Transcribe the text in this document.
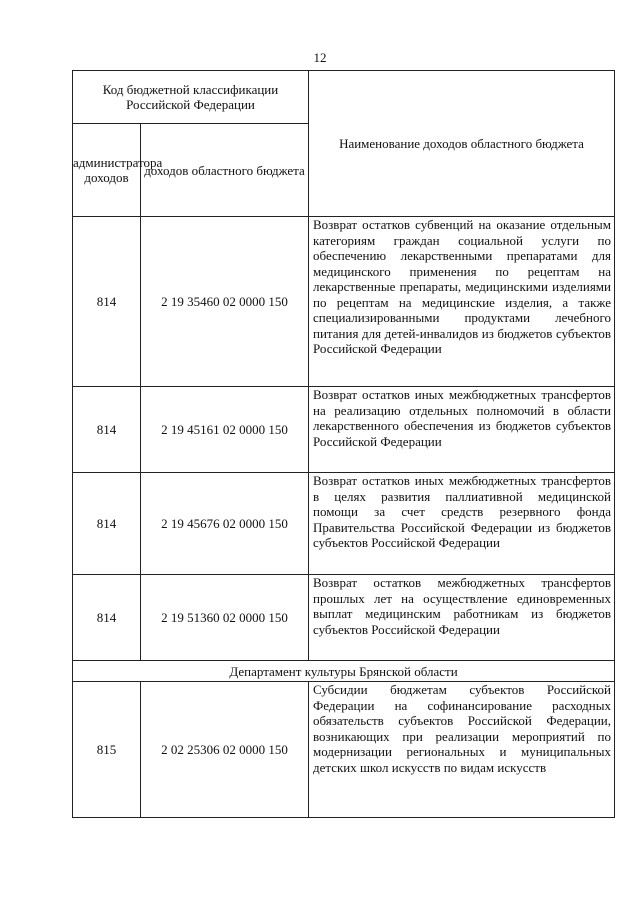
12
Код бюджетной классификации Российской Федерации		Наименование доходов областного бюджета
администратора доходов	доходов областного бюджета	
814	2 19 35460 02 0000 150	Возврат остатков субвенций на оказание отдельным категориям граждан социальной услуги по обеспечению лекарственными препаратами для медицинского применения по рецептам на лекарственные препараты, медицинскими изделиями по рецептам на медицинские изделия, а также специализированными продуктами лечебного питания для детей-инвалидов из бюджетов субъектов Российской Федерации
814	2 19 45161 02 0000 150	Возврат остатков иных межбюджетных трансфертов на реализацию отдельных полномочий в области лекарственного обеспечения из бюджетов субъектов Российской Федерации
814	2 19 45676 02 0000 150	Возврат остатков иных межбюджетных трансфертов в целях развития паллиативной медицинской помощи за счет средств резервного фонда Правительства Российской Федерации из бюджетов субъектов Российской Федерации
814	2 19 51360 02 0000 150	Возврат остатков межбюджетных трансфертов прошлых лет на осуществление единовременных выплат медицинским работникам из бюджетов субъектов Российской Федерации
Департамент культуры Брянской области		
815	2 02 25306 02 0000 150	Субсидии бюджетам субъектов Российской Федерации на софинансирование расходных обязательств субъектов Российской Федерации, возникающих при реализации мероприятий по модернизации региональных и муниципальных детских школ искусств по видам искусств
